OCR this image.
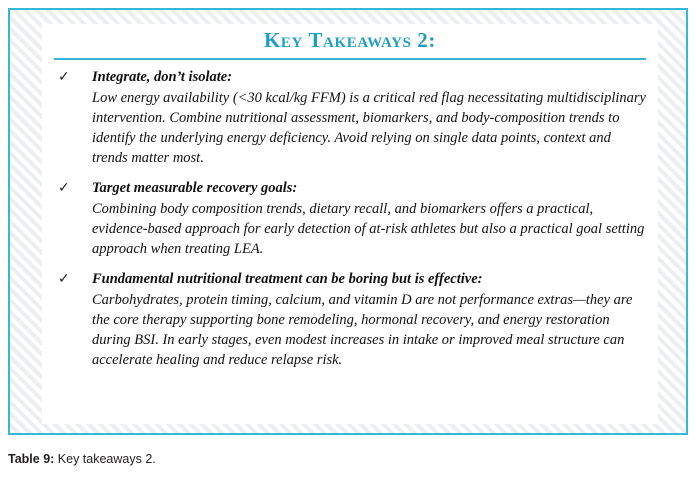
Key Takeaways 2:
✓ Integrate, don’t isolate:
Low energy availability (<30 kcal/kg FFM) is a critical red flag necessitating multidisciplinary intervention. Combine nutritional assessment, biomarkers, and body-composition trends to identify the underlying energy deficiency. Avoid relying on single data points, context and trends matter most.
✓ Target measurable recovery goals:
Combining body composition trends, dietary recall, and biomarkers offers a practical, evidence-based approach for early detection of at-risk athletes but also a practical goal setting approach when treating LEA.
✓ Fundamental nutritional treatment can be boring but is effective:
Carbohydrates, protein timing, calcium, and vitamin D are not performance extras—they are the core therapy supporting bone remodeling, hormonal recovery, and energy restoration during BSI. In early stages, even modest increases in intake or improved meal structure can accelerate healing and reduce relapse risk.
Table 9: Key takeaways 2.
